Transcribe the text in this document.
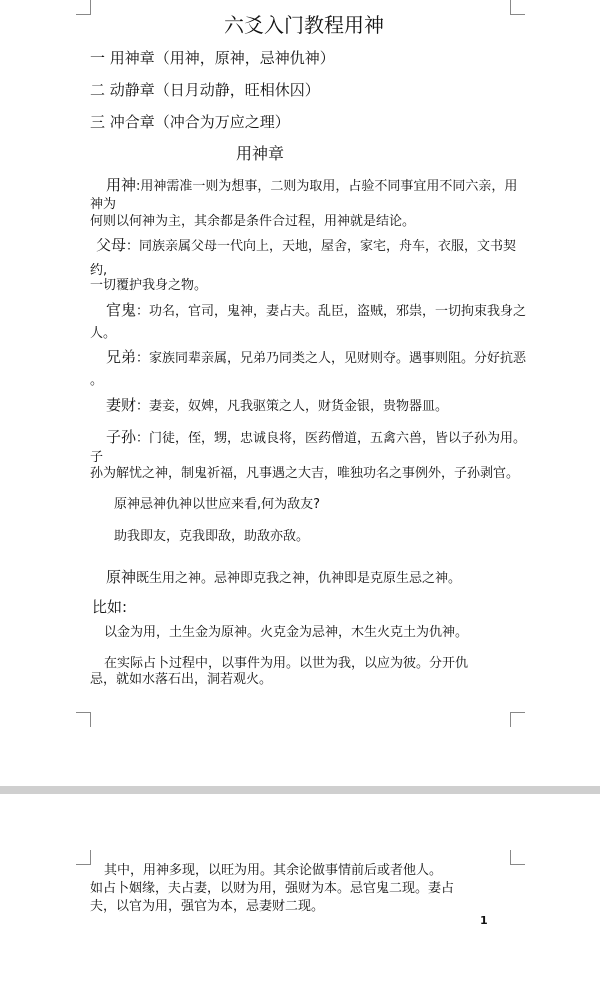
六爻入门教程用神
一 用神章（用神，原神，忌神仇神）
二 动静章（日月动静，旺相休囚）
三 冲合章（冲合为万应之理）
用神章
用神:用神需准一则为想事，二则为取用，占验不同事宜用不同六亲，用
神为
何则以何神为主，其余都是条件合过程，用神就是结论。
父母：同族亲属父母一代向上，天地，屋舍，家宅，舟车，衣服，文书契
约,
一切覆护我身之物。
官鬼：功名，官司，鬼神，妻占夫。乱臣，盗贼，邪祟，一切拘束我身之
人。
兄弟：家族同辈亲属，兄弟乃同类之人，见财则夺。遇事则阻。分好抗恶
。
妻财：妻妾，奴婢，凡我驱策之人，财货金银，贵物器皿。
子孙：门徒，侄，甥，忠诚良将，医药僧道，五禽六兽，皆以子孙为用。
子
孙为解忧之神，制鬼祈福，凡事遇之大吉，唯独功名之事例外，子孙剥官。
原神忌神仇神以世应来看,何为敌友?
助我即友，克我即敌，助敌亦敌。
原神既生用之神。忌神即克我之神，仇神即是克原生忌之神。
比如:
以金为用，土生金为原神。火克金为忌神，木生火克土为仇神。
在实际占卜过程中，以事件为用。以世为我，以应为彼。分开仇
忌，就如水落石出，洞若观火。
其中，用神多现，以旺为用。其余论做事情前后或者他人。
如占卜姻缘，夫占妻，以财为用，强财为本。忌官鬼二现。妻占
夫，以官为用，强官为本，忌妻财二现。
1
